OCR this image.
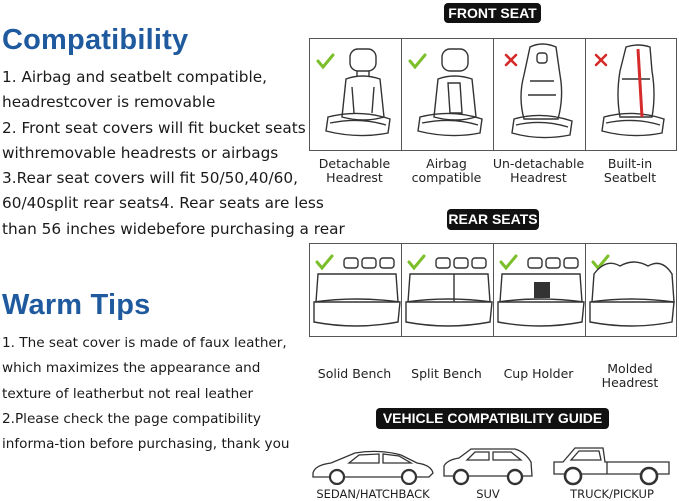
Compatibility
1. Airbag and seatbelt compatible,
headrestcover is removable
2. Front seat covers will fit bucket seats
withremovable headrests or airbags
3.Rear seat covers will fit 50/50,40/60,
60/40split rear seats4. Rear seats are less
than 56 inches widebefore purchasing a rear
Warm Tips
1. The seat cover is made of faux leather,
which maximizes the appearance and
texture of leatherbut not real leather
2.Please check the page compatibility
informa-tion before purchasing, thank you
FRONT SEAT
Detachable
Headrest
Airbag
compatible
Un-detachable
Headrest
Built-in
Seatbelt
REAR SEATS
Solid Bench	Split Bench	Cup Holder	Molded
Headrest
VEHICLE COMPATIBILITY GUIDE
SEDAN/HATCHBACK	SUV	TRUCK/PICKUP
